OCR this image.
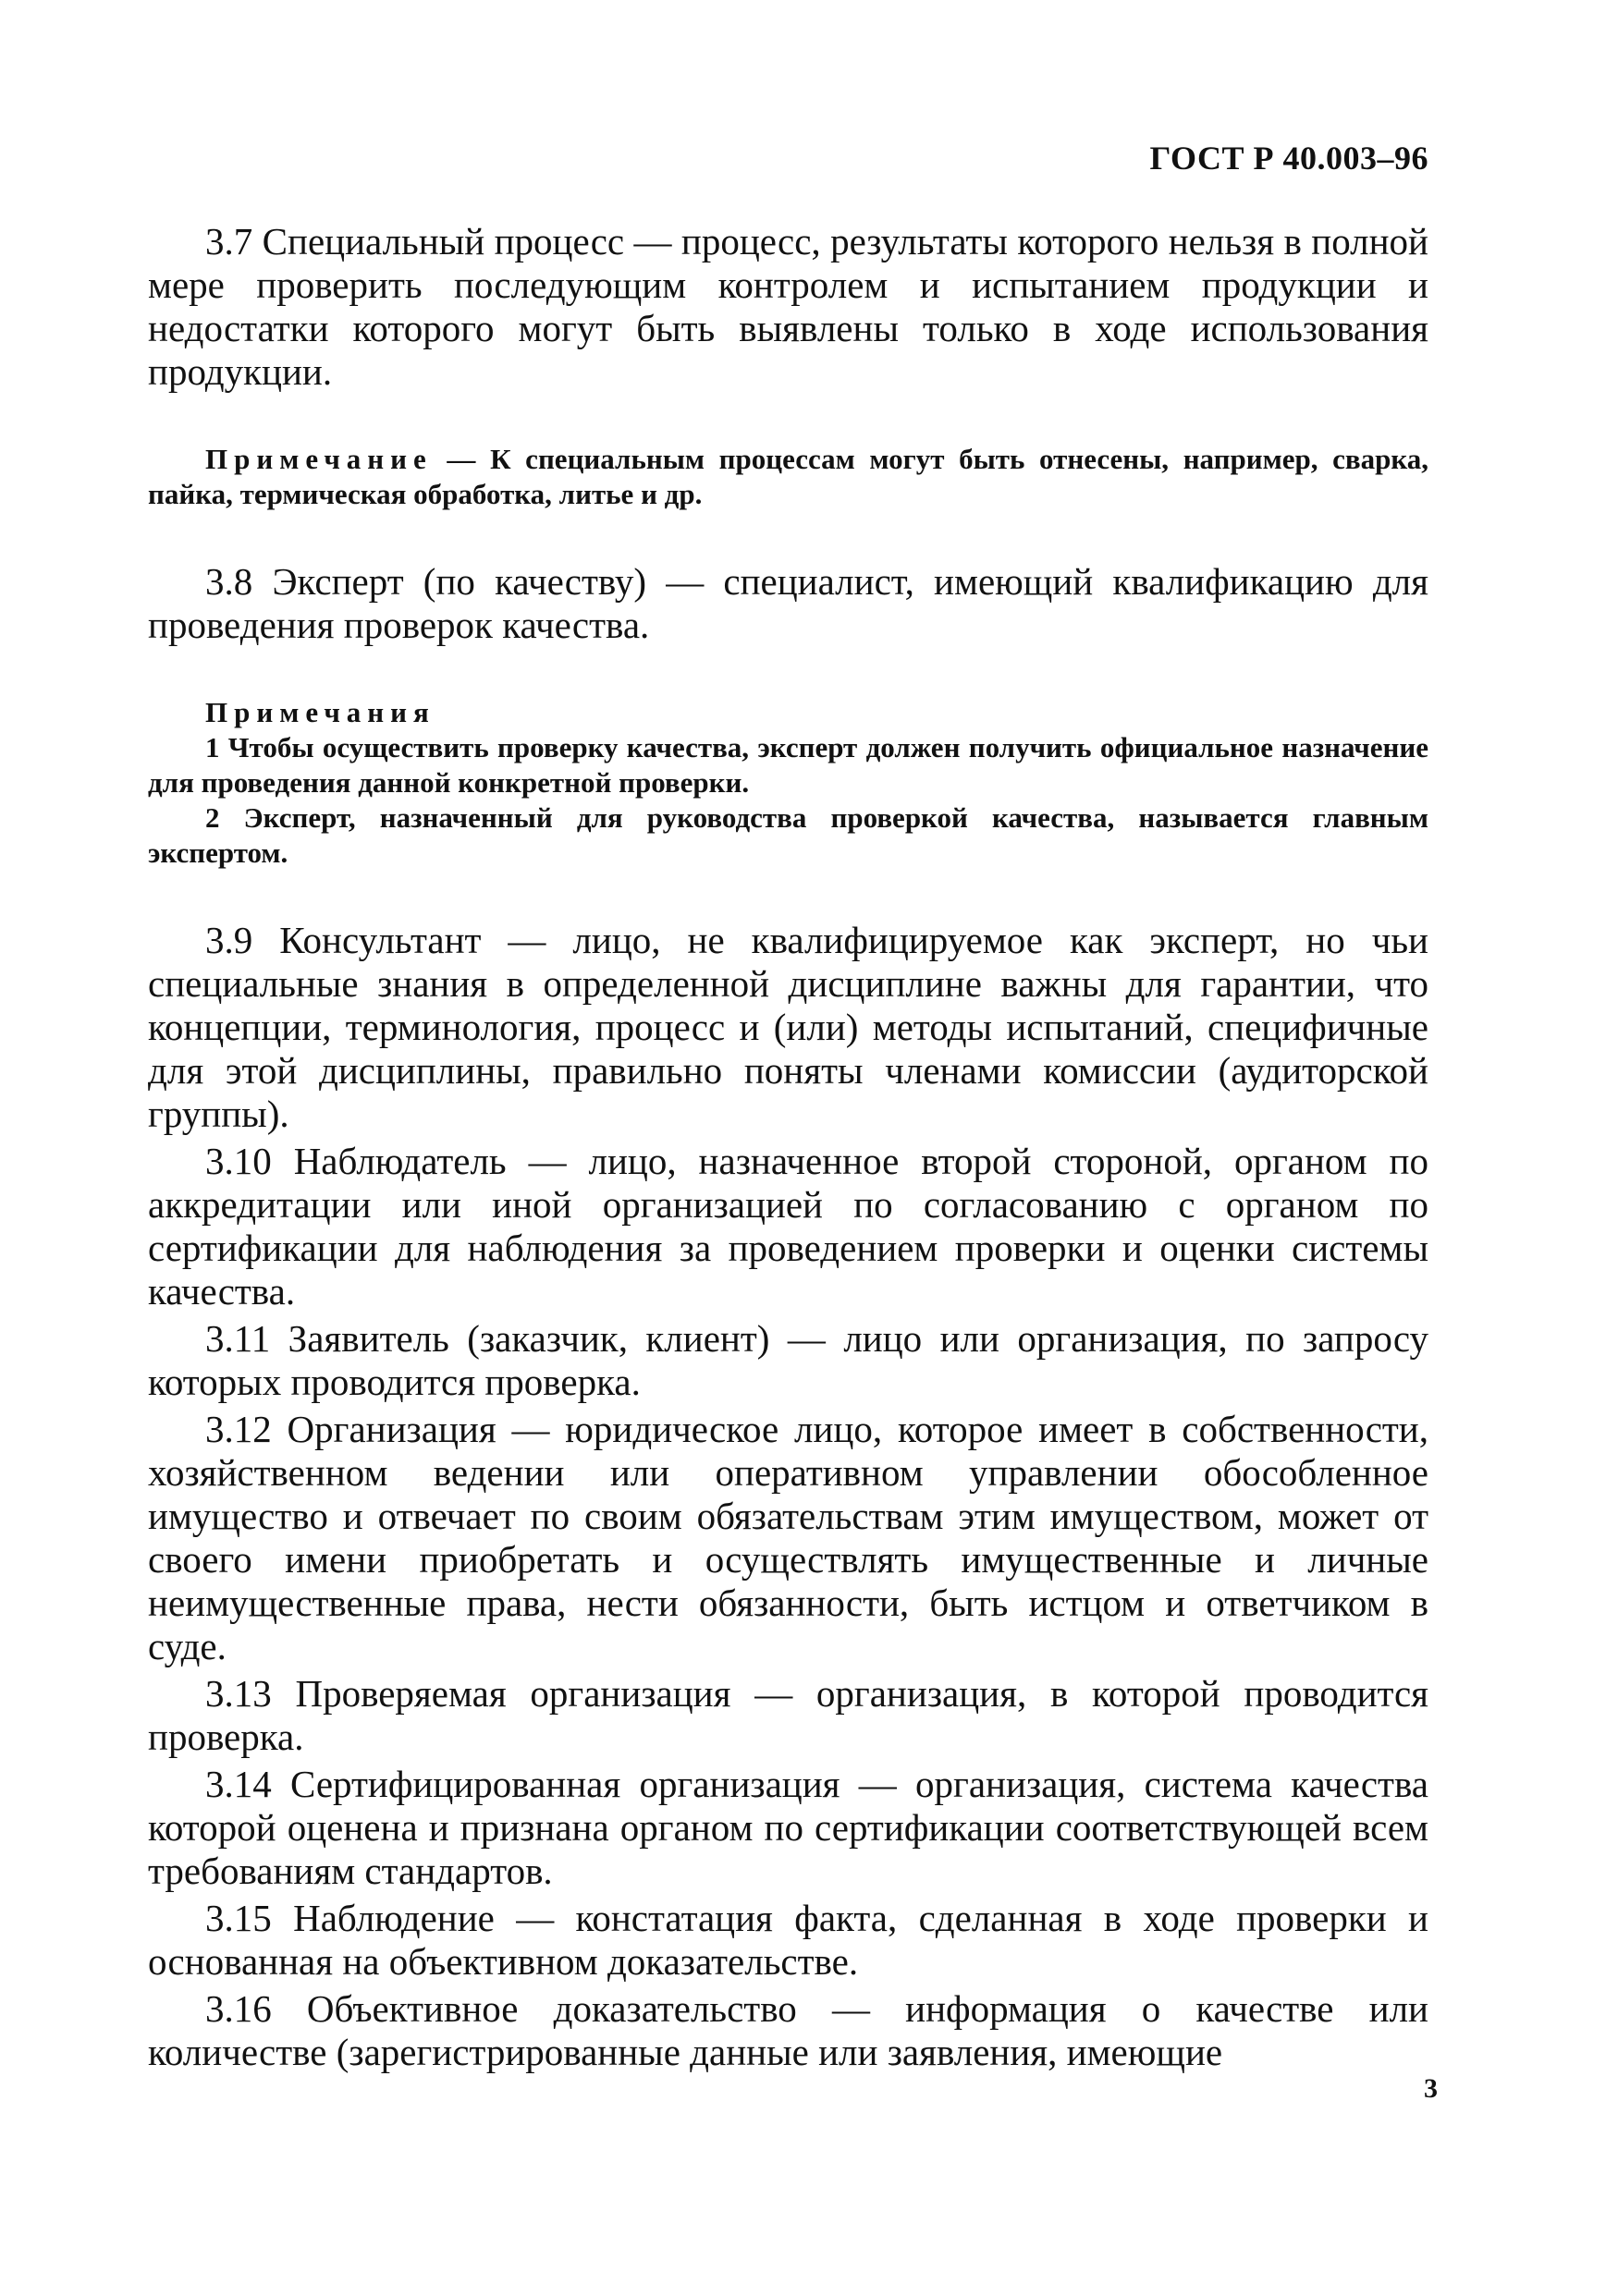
ГОСТ Р 40.003–96

3.7 Специальный процесс — процесс, результаты которого нельзя в полной мере проверить последующим контролем и испытанием продукции и недостатки которого могут быть выявлены только в ходе использования продукции.

Примечание — К специальным процессам могут быть отнесены, например, сварка, пайка, термическая обработка, литье и др.

3.8 Эксперт (по качеству) — специалист, имеющий квалификацию для проведения проверок качества.

Примечания

1 Чтобы осуществить проверку качества, эксперт должен получить официальное назначение для проведения данной конкретной проверки.

2 Эксперт, назначенный для руководства проверкой качества, называется главным экспертом.

3.9 Консультант — лицо, не квалифицируемое как эксперт, но чьи специальные знания в определенной дисциплине важны для гарантии, что концепции, терминология, процесс и (или) методы испытаний, специфичные для этой дисциплины, правильно поняты членами комиссии (аудиторской группы).

3.10 Наблюдатель — лицо, назначенное второй стороной, органом по аккредитации или иной организацией по согласованию с органом по сертификации для наблюдения за проведением проверки и оценки системы качества.

3.11 Заявитель (заказчик, клиент) — лицо или организация, по запросу которых проводится проверка.

3.12 Организация — юридическое лицо, которое имеет в собственности, хозяйственном ведении или оперативном управлении обособленное имущество и отвечает по своим обязательствам этим имуществом, может от своего имени приобретать и осуществлять имущественные и личные неимущественные права, нести обязанности, быть истцом и ответчиком в суде.

3.13 Проверяемая организация — организация, в которой проводится проверка.

3.14 Сертифицированная организация — организация, система качества которой оценена и признана органом по сертификации соответствующей всем требованиям стандартов.

3.15 Наблюдение — констатация факта, сделанная в ходе проверки и основанная на объективном доказательстве.

3.16 Объективное доказательство — информация о качестве или количестве (зарегистрированные данные или заявления, имеющие

3
